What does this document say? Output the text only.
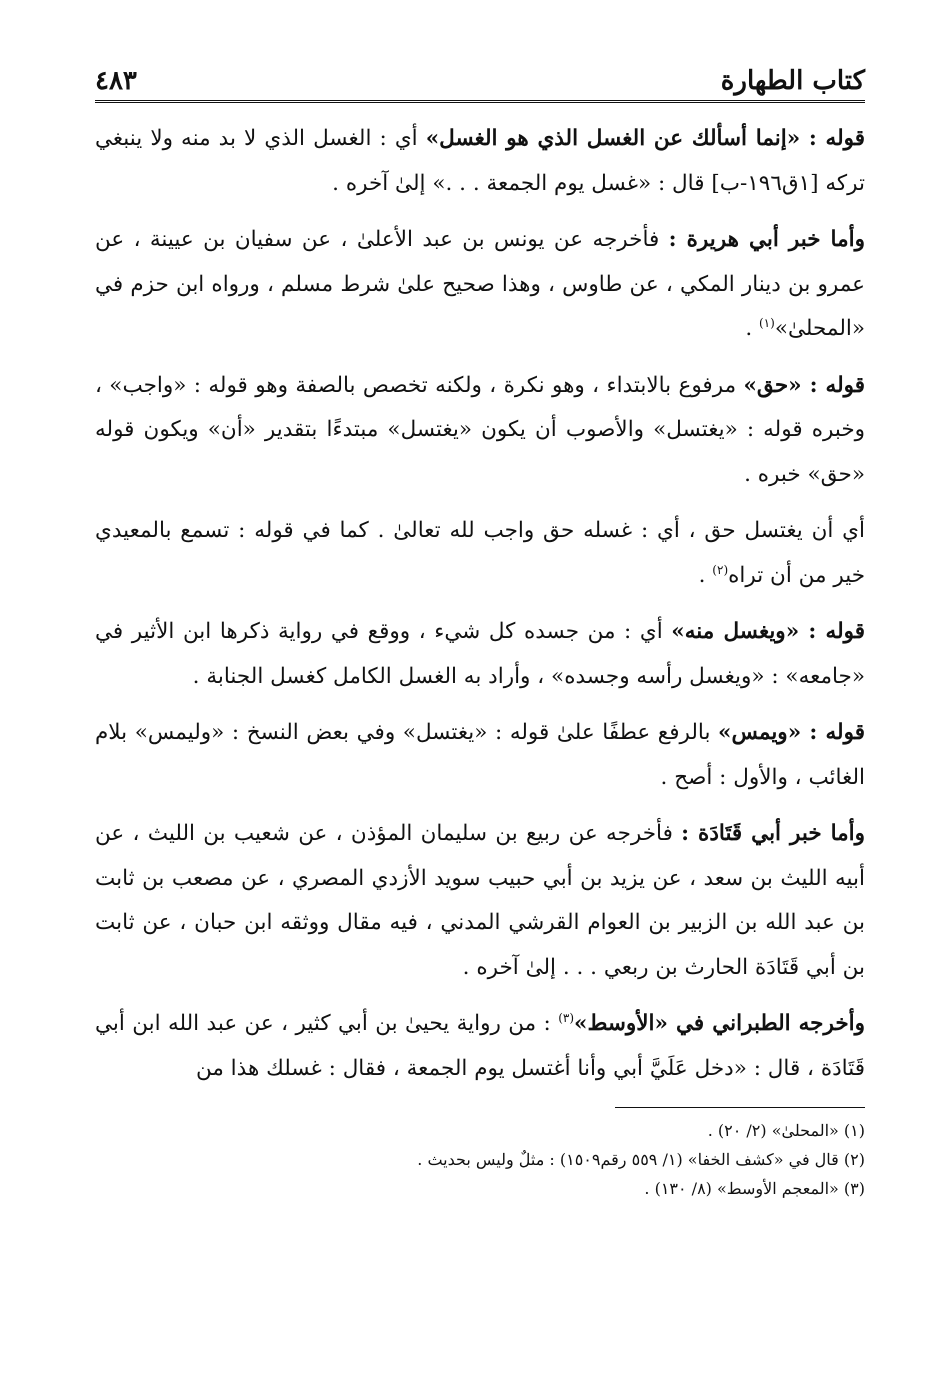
كتاب الطهارة
٤٨٣

قوله : «إنما أسألك عن الغسل الذي هو الغسل» أي : الغسل الذي لا بد منه ولا ينبغي تركه [١ق١٩٦-ب] قال : «غسل يوم الجمعة . . .» إلىٰ آخره .

وأما خبر أبي هريرة : فأخرجه عن يونس بن عبد الأعلىٰ ، عن سفيان بن عيينة ، عن عمرو بن دينار المكي ، عن طاوس ، وهذا صحيح علىٰ شرط مسلم ، ورواه ابن حزم في «المحلىٰ»$^{(١)}$ .

قوله : «حق» مرفوع بالابتداء ، وهو نكرة ، ولكنه تخصص بالصفة وهو قوله : «واجب» ، وخبره قوله : «يغتسل» والأصوب أن يكون «يغتسل» مبتدءًا بتقدير «أن» ويكون قوله «حق» خبره .

أي أن يغتسل حق ، أي : غسله حق واجب لله تعالىٰ . كما في قوله : تسمع بالمعيدي خير من أن تراه$^{(٢)}$ .

قوله : «ويغسل منه» أي : من جسده كل شيء ، ووقع في رواية ذكرها ابن الأثير في «جامعه» : «ويغسل رأسه وجسده» ، وأراد به الغسل الكامل كغسل الجنابة .

قوله : «ويمس» بالرفع عطفًا علىٰ قوله : «يغتسل» وفي بعض النسخ : «وليمس» بلام الغائب ، والأول : أصح .

وأما خبر أبي قَتَادَة : فأخرجه عن ربيع بن سليمان المؤذن ، عن شعيب بن الليث ، عن أبيه الليث بن سعد ، عن يزيد بن أبي حبيب سويد الأزدي المصري ، عن مصعب بن ثابت بن عبد الله بن الزبير بن العوام القرشي المدني ، فيه مقال ووثقه ابن حبان ، عن ثابت بن أبي قَتَادَة الحارث بن ربعي . . . إلىٰ آخره .

وأخرجه الطبراني في «الأوسط»$^{(٣)}$ : من رواية يحيىٰ بن أبي كثير ، عن عبد الله ابن أبي قَتَادَة ، قال : «دخل عَلَيَّ أبي وأنا أغتسل يوم الجمعة ، فقال : غسلك هذا من

(١) «المحلىٰ» (٢/ ٢٠) .

(٢) قال في «كشف الخفا» (١/ ٥٥٩ رقم١٥٠٩) : مثلٌ وليس بحديث .

(٣) «المعجم الأوسط» (٨/ ١٣٠) .
